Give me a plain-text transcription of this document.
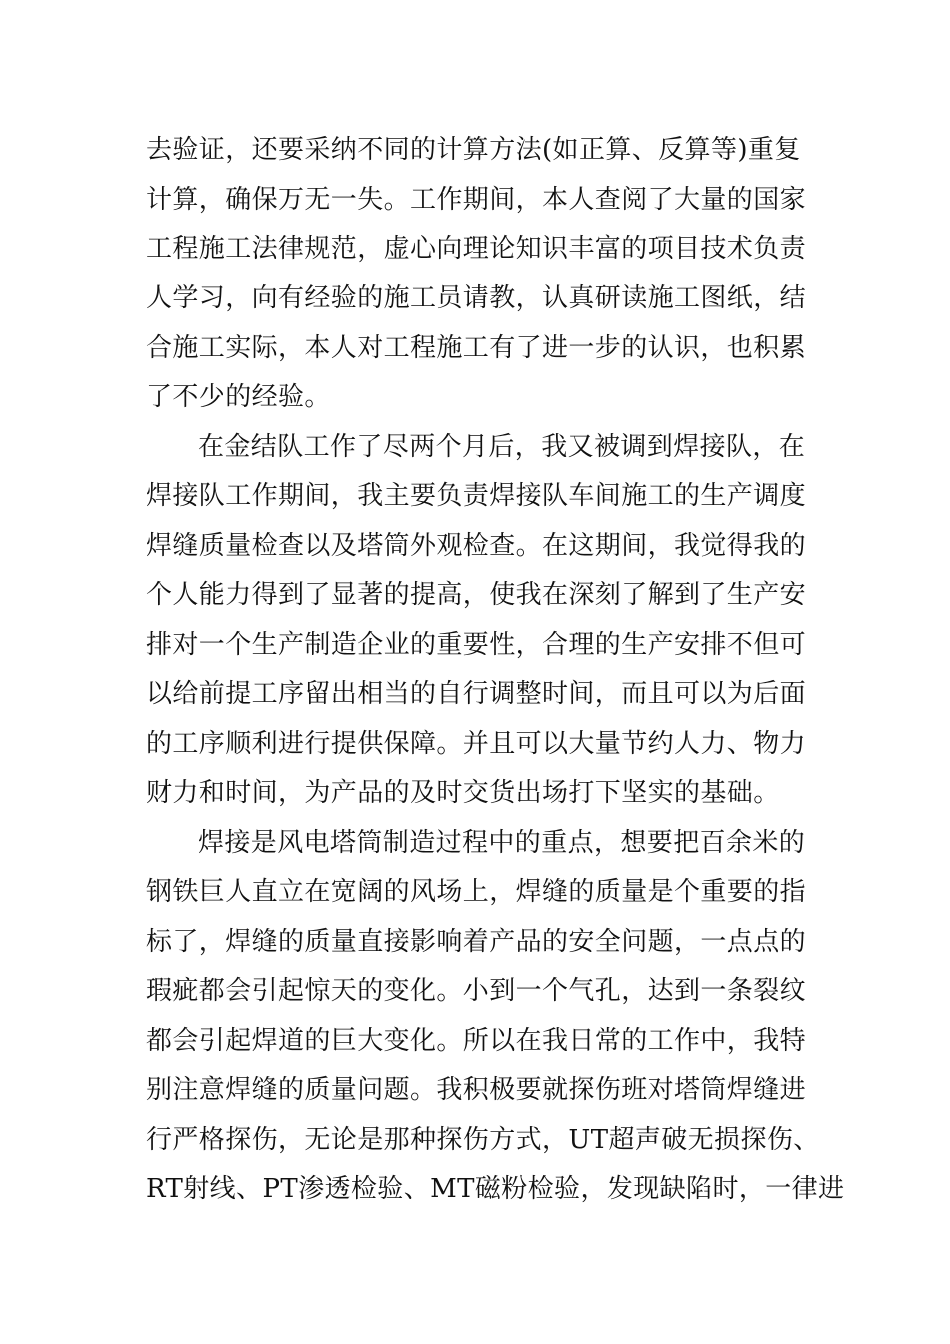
去验证，还要采纳不同的计算方法(如正算、反算等)重复
计算，确保万无一失。工作期间，本人查阅了大量的国家
工程施工法律规范，虚心向理论知识丰富的项目技术负责
人学习，向有经验的施工员请教，认真研读施工图纸，结
合施工实际，本人对工程施工有了进一步的认识，也积累
了不少的经验。
在金结队工作了尽两个月后，我又被调到焊接队，在
焊接队工作期间，我主要负责焊接队车间施工的生产调度
焊缝质量检查以及塔筒外观检查。在这期间，我觉得我的
个人能力得到了显著的提高，使我在深刻了解到了生产安
排对一个生产制造企业的重要性，合理的生产安排不但可
以给前提工序留出相当的自行调整时间，而且可以为后面
的工序顺利进行提供保障。并且可以大量节约人力、物力
财力和时间，为产品的及时交货出场打下坚实的基础。
焊接是风电塔筒制造过程中的重点，想要把百余米的
钢铁巨人直立在宽阔的风场上，焊缝的质量是个重要的指
标了，焊缝的质量直接影响着产品的安全问题，一点点的
瑕疵都会引起惊天的变化。小到一个气孔，达到一条裂纹
都会引起焊道的巨大变化。所以在我日常的工作中，我特
别注意焊缝的质量问题。我积极要就探伤班对塔筒焊缝进
行严格探伤，无论是那种探伤方式，UT超声破无损探伤、
RT射线、PT渗透检验、MT磁粉检验，发现缺陷时，一律进
